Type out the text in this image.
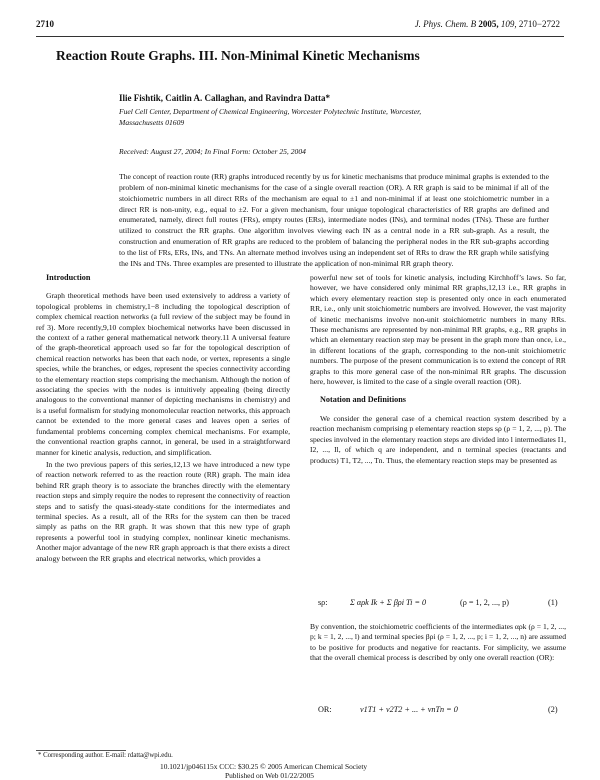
2710	J. Phys. Chem. B 2005, 109, 2710−2722
Reaction Route Graphs. III. Non-Minimal Kinetic Mechanisms
Ilie Fishtik, Caitlin A. Callaghan, and Ravindra Datta*
Fuel Cell Center, Department of Chemical Engineering, Worcester Polytechnic Institute, Worcester, Massachusetts 01609
Received: August 27, 2004; In Final Form: October 25, 2004
The concept of reaction route (RR) graphs introduced recently by us for kinetic mechanisms that produce minimal graphs is extended to the problem of non-minimal kinetic mechanisms for the case of a single overall reaction (OR). A RR graph is said to be minimal if all of the stoichiometric numbers in all direct RRs of the mechanism are equal to ±1 and non-minimal if at least one stoichiometric number in a direct RR is non-unity, e.g., equal to ±2. For a given mechanism, four unique topological characteristics of RR graphs are defined and enumerated, namely, direct full routes (FRs), empty routes (ERs), intermediate nodes (INs), and terminal nodes (TNs). These are further utilized to construct the RR graphs. One algorithm involves viewing each IN as a central node in a RR sub-graph. As a result, the construction and enumeration of RR graphs are reduced to the problem of balancing the peripheral nodes in the RR sub-graphs according to the list of FRs, ERs, INs, and TNs. An alternate method involves using an independent set of RRs to draw the RR graph while satisfying the INs and TNs. Three examples are presented to illustrate the application of non-minimal RR graph theory.

Introduction

Graph theoretical methods have been used extensively to address a variety of topological problems in chemistry,1−8 including the topological description of complex chemical reaction networks (a full review of the subject may be found in ref 3). More recently,9,10 complex biochemical networks have been discussed in the context of a rather general mathematical network theory.11 A universal feature of the graph-theoretical approach used so far for the topological description of chemical reaction networks has been that each node, or vertex, represents a single species, while the branches, or edges, represent the species connectivity according to the elementary reaction steps comprising the mechanism. Although the notion of associating the species with the nodes is intuitively appealing (being directly analogous to the conventional manner of depicting mechanisms in chemistry) and is a useful formalism for studying monomolecular reaction networks, this approach cannot be extended to the more general cases and leaves open a series of fundamental problems concerning complex chemical mechanisms. For example, the conventional reaction graphs cannot, in general, be used in a straightforward manner for kinetic analysis, reduction, and simplification.

In the two previous papers of this series,12,13 we have introduced a new type of reaction network referred to as the reaction route (RR) graph. The main idea behind RR graph theory is to associate the branches directly with the elementary reaction steps and simply require the nodes to represent the connectivity of reaction steps and to satisfy the quasi-steady-state conditions for the intermediates and terminal species. As a result, all of the RRs for the system can then be traced simply as paths on the RR graph. It was shown that this new type of graph represents a powerful tool in studying complex, nonlinear kinetic mechanisms. Another major advantage of the new RR graph approach is that there exists a direct analogy between the RR graphs and electrical networks, which provides a

powerful new set of tools for kinetic analysis, including Kirchhoff’s laws. So far, however, we have considered only minimal RR graphs,12,13 i.e., RR graphs in which every elementary reaction step is presented only once in each enumerated RR, i.e., only unit stoichiometric numbers are involved. However, the vast majority of kinetic mechanisms involve non-unit stoichiometric numbers in many RRs. These mechanisms are represented by non-minimal RR graphs, e.g., RR graphs in which an elementary reaction step may be present in the graph more than once, i.e., in different locations of the graph, corresponding to the non-unit stoichiometric numbers. The purpose of the present communication is to extend the concept of RR graphs to this more general case of the non-minimal RR graphs. The discussion here, however, is limited to the case of a single overall reaction (OR).

Notation and Definitions

We consider the general case of a chemical reaction system described by a reaction mechanism comprising p elementary reaction steps sρ (ρ = 1, 2, ..., p). The species involved in the elementary reaction steps are divided into l intermediates I1, I2, ..., Il, of which q are independent, and n terminal species (reactants and products) T1, T2, ..., Tn. Thus, the elementary reaction steps may be presented as

sρ:	Σ αρk Ik + Σ βρi Ti = 0	(ρ = 1, 2, ..., p)	(1)

By convention, the stoichiometric coefficients of the intermediates αρk (ρ = 1, 2, ..., p; k = 1, 2, ..., l) and terminal species βρi (ρ = 1, 2, ..., p; i = 1, 2, ..., n) are assumed to be positive for products and negative for reactants. For simplicity, we assume that the overall chemical process is described by only one overall reaction (OR):

OR:	ν1T1 + ν2T2 + ... + νnTn = 0	(2)
* Corresponding author. E-mail: rdatta@wpi.edu.
10.1021/jp046115x CCC: $30.25 © 2005 American Chemical Society
Published on Web 01/22/2005
